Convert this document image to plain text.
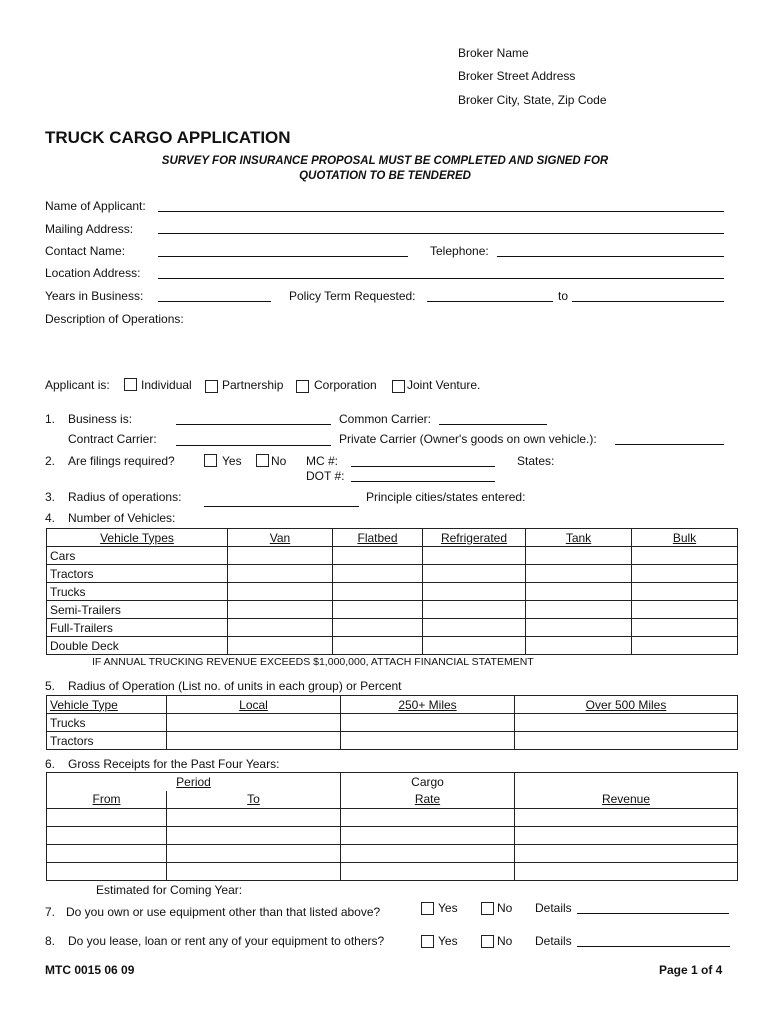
Broker Name
Broker Street Address
Broker City, State, Zip Code
TRUCK CARGO APPLICATION
SURVEY FOR INSURANCE PROPOSAL MUST BE COMPLETED AND SIGNED FOR
QUOTATION TO BE TENDERED
Name of Applicant:
Mailing Address:
Contact Name:	Telephone:
Location Address:
Years in Business:	Policy Term Requested:	to
Description of Operations:
Applicant is:	Individual	Partnership	Corporation	Joint Venture.
1. Business is:	Common Carrier:
Contract Carrier:	Private Carrier (Owner's goods on own vehicle.):
2. Are filings required?	Yes No MC #:	States:
DOT #:
3. Radius of operations:	Principle cities/states entered:
4. Number of Vehicles:
Vehicle Types	Van	Flatbed	Refrigerated	Tank	Bulk
Cars					
Tractors					
Trucks					
Semi-Trailers					
Full-Trailers					
Double Deck					
IF ANNUAL TRUCKING REVENUE EXCEEDS $1,000,000, ATTACH FINANCIAL STATEMENT
5. Radius of Operation (List no. of units in each group) or Percent
Vehicle Type	Local	250+ Miles	Over 500 Miles
Trucks			
Tractors			
6. Gross Receipts for the Past Four Years:
Period		Cargo	
From	To	Rate	Revenue

Estimated for Coming Year:
7. Do you own or use equipment other than that listed above?	Yes	No Details
8. Do you lease, loan or rent any of your equipment to others?	Yes	No Details
MTC 0015 06 09	Page 1 of 4
